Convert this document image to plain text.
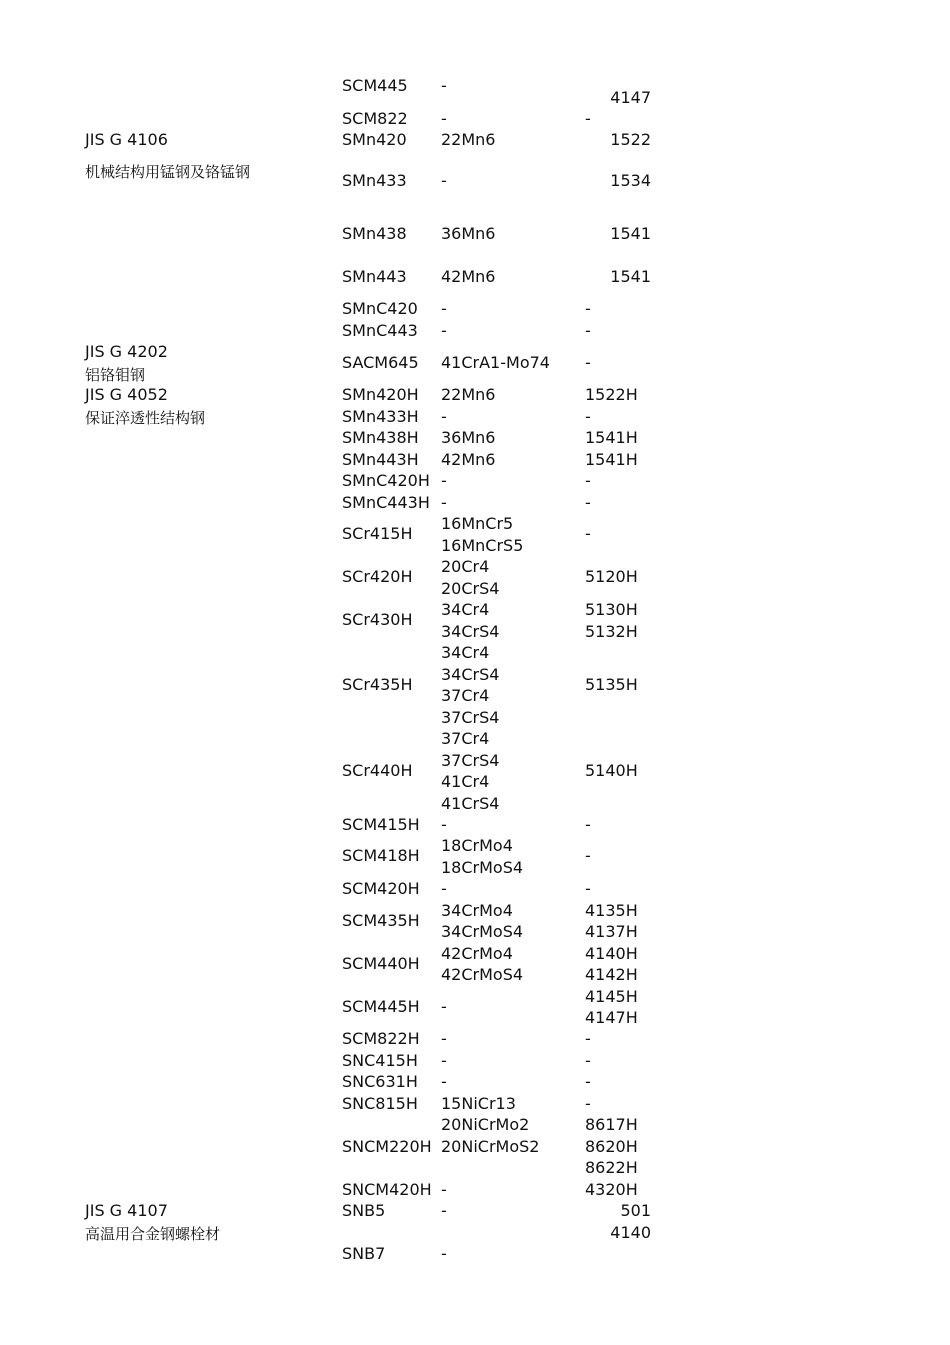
JIS G 4106
机械结构用锰钢及铬锰钢
JIS G 4202
铝铬钼钢
JIS G 4052
保证淬透性结构钢
JIS G 4107
高温用合金钢螺栓材
SCM445
SCM822
SMn420
SMn433
SMn438
SMn443
SMnC420
SMnC443
SACM645
SMn420H
SMn433H
SMn438H
SMn443H
SMnC420H
SMnC443H
SCr415H
SCr420H
SCr430H
SCr435H
SCr440H
SCM415H
SCM418H
SCM420H
SCM435H
SCM440H
SCM445H
SCM822H
SNC415H
SNC631H
SNC815H
SNCM220H
SNCM420H
SNB5
SNB7
-
-
22Mn6
-
36Mn6
42Mn6
-
-
41CrA1-Mo74
22Mn6
-
36Mn6
42Mn6
-
-
16MnCr5
16MnCrS5
20Cr4
20CrS4
34Cr4
34CrS4
34Cr4
34CrS4
37Cr4
37CrS4
37Cr4
37CrS4
41Cr4
41CrS4
-
18CrMo4
18CrMoS4
-
34CrMo4
34CrMoS4
42CrMo4
42CrMoS4
-
-
-
-
15NiCr13
20NiCrMo2
20NiCrMoS2
-
-
-
4147
-
1522
1534
1541
1541
-
-
-
1522H
-
1541H
1541H
-
-
-
5120H
5130H
5132H
5135H
5140H
-
-
-
4135H
4137H
4140H
4142H
4145H
4147H
-
-
-
-
8617H
8620H
8622H
4320H
501
4140
